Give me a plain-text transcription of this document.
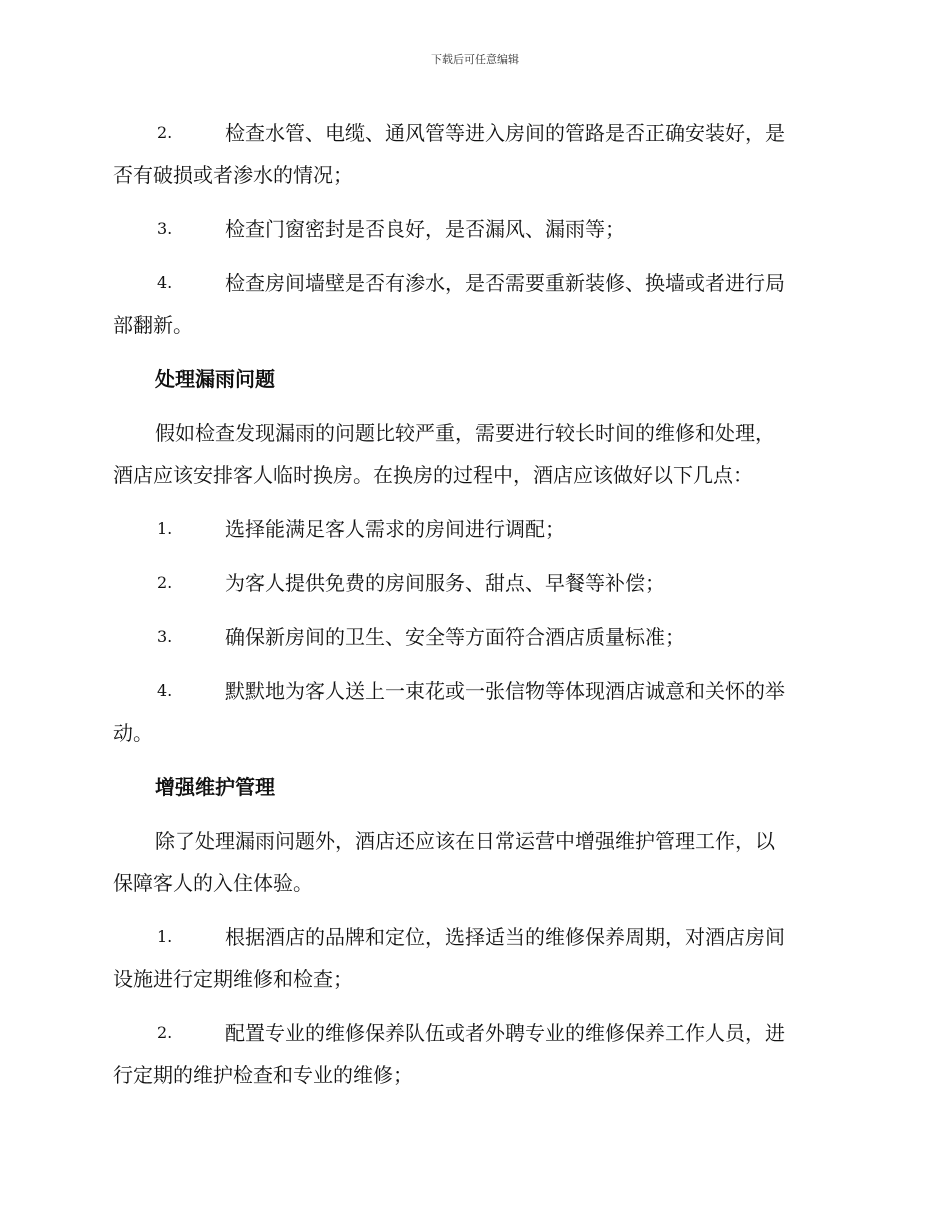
下载后可任意编辑
2.	检查水管、电缆、通风管等进入房间的管路是否正确安装好，是
否有破损或者渗水的情况；
3.	检查门窗密封是否良好，是否漏风、漏雨等；
4.	检查房间墙壁是否有渗水，是否需要重新装修、换墙或者进行局
部翻新。
处理漏雨问题
假如检查发现漏雨的问题比较严重，需要进行较长时间的维修和处理，
酒店应该安排客人临时换房。在换房的过程中，酒店应该做好以下几点：
1.	选择能满足客人需求的房间进行调配；
2.	为客人提供免费的房间服务、甜点、早餐等补偿；
3.	确保新房间的卫生、安全等方面符合酒店质量标准；
4.	默默地为客人送上一束花或一张信物等体现酒店诚意和关怀的举
动。
增强维护管理
除了处理漏雨问题外，酒店还应该在日常运营中增强维护管理工作，以
保障客人的入住体验。
1.	根据酒店的品牌和定位，选择适当的维修保养周期，对酒店房间
设施进行定期维修和检查；
2.	配置专业的维修保养队伍或者外聘专业的维修保养工作人员，进
行定期的维护检查和专业的维修；
